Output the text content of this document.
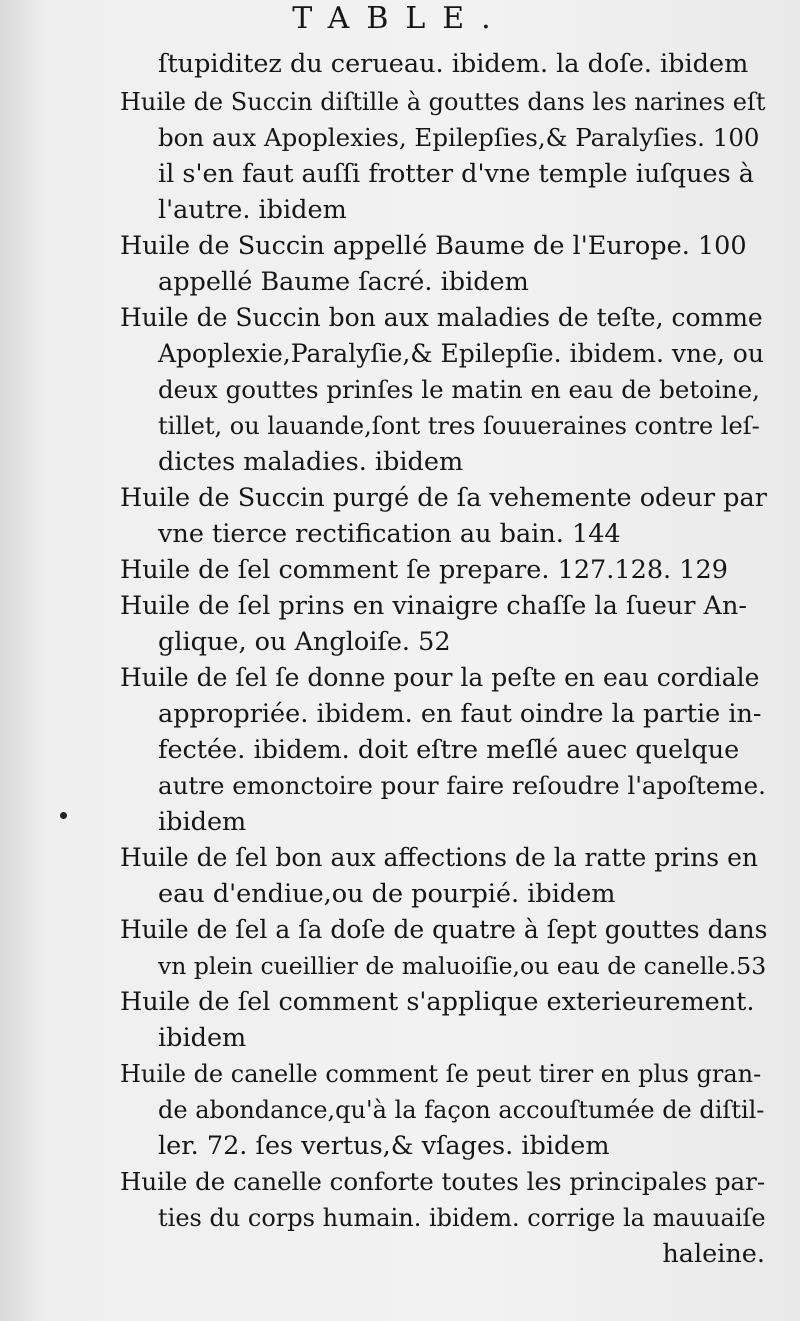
TABLE.
ſtupiditez du cerueau. ibidem. la doſe. ibidem
Huile de Succin diſtille à gouttes dans les narines eſt
bon aux Apoplexies, Epilepſies,& Paralyſies. 100
il s'en faut auſſi frotter d'vne temple iuſques à
l'autre. ibidem
Huile de Succin appellé Baume de l'Europe. 100
appellé Baume ſacré. ibidem
Huile de Succin bon aux maladies de teſte, comme
Apoplexie,Paralyſie,& Epilepſie. ibidem. vne, ou
deux gouttes prinſes le matin en eau de betoine,
tillet, ou lauande,ſont tres ſouueraines contre leſ-
dictes maladies. ibidem
Huile de Succin purgé de ſa vehemente odeur par
vne tierce rectification au bain. 144
Huile de ſel comment ſe prepare. 127.128. 129
Huile de ſel prins en vinaigre chaſſe la ſueur An-
glique, ou Angloiſe. 52
Huile de ſel ſe donne pour la peſte en eau cordiale
appropriée. ibidem. en faut oindre la partie in-
fectée. ibidem. doit eſtre meſlé auec quelque
autre emonctoire pour faire reſoudre l'apoſteme.
ibidem
Huile de ſel bon aux affections de la ratte prins en
eau d'endiue,ou de pourpié. ibidem
Huile de ſel a ſa doſe de quatre à ſept gouttes dans
vn plein cueillier de maluoiſie,ou eau de canelle.53
Huile de ſel comment s'applique exterieurement.
ibidem
Huile de canelle comment ſe peut tirer en plus gran-
de abondance,qu'à la façon accouſtumée de diſtil-
ler. 72. ſes vertus,& vſages. ibidem
Huile de canelle conforte toutes les principales par-
ties du corps humain. ibidem. corrige la mauuaiſe
haleine.
